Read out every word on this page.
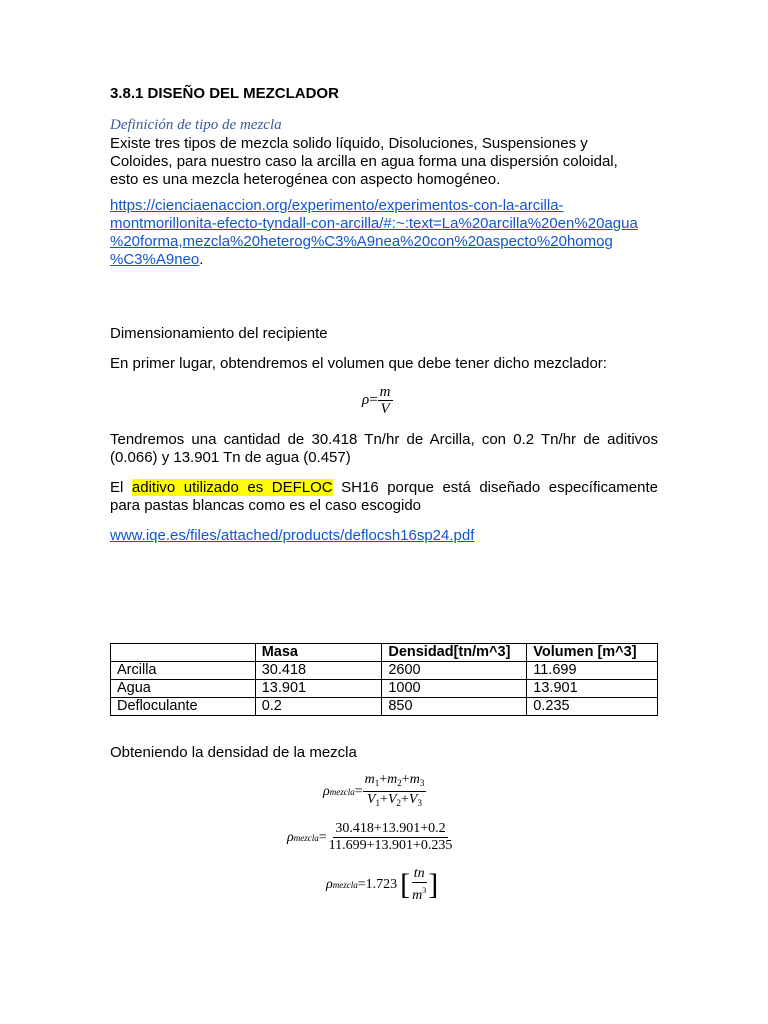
3.8.1 DISEÑO DEL MEZCLADOR
Definición de tipo de mezcla
Existe tres tipos de mezcla solido líquido, Disoluciones, Suspensiones y
Coloides, para nuestro caso la arcilla en agua forma una dispersión coloidal,
esto es una mezcla heterogénea con aspecto homogéneo.
https://cienciaenaccion.org/experimento/experimentos-con-la-arcilla-
montmorillonita-efecto-tyndall-con-arcilla/#:~:text=La%20arcilla%20en%20agua
%20forma,mezcla%20heterog%C3%A9nea%20con%20aspecto%20homog
%C3%A9neo.
Dimensionamiento del recipiente
En primer lugar, obtendremos el volumen que debe tener dicho mezclador:
$\rho = \frac{m}{V}$
Tendremos una cantidad de 30.418 Tn/hr de Arcilla, con 0.2 Tn/hr de aditivos
(0.066) y 13.901 Tn de agua (0.457)
El aditivo utilizado es DEFLOC SH16 porque está diseñado específicamente
para pastas blancas como es el caso escogido
www.iqe.es/files/attached/products/deflocsh16sp24.pdf
	Masa	Densidad[tn/m^3]	Volumen [m^3]
Arcilla	30.418	2600	11.699
Agua	13.901	1000	13.901
Defloculante	0.2	850	0.235
Obteniendo la densidad de la mezcla
ρ mezcla = $\frac{m_1+m_2+m_3}{V_1+V_2+V_3}$
ρ mezcla = $\frac{30.418+13.901+0.2}{11.699+13.901+0.235}$
ρ mezcla = 1.723 [ $\frac{tn}{m^3}$ ]
